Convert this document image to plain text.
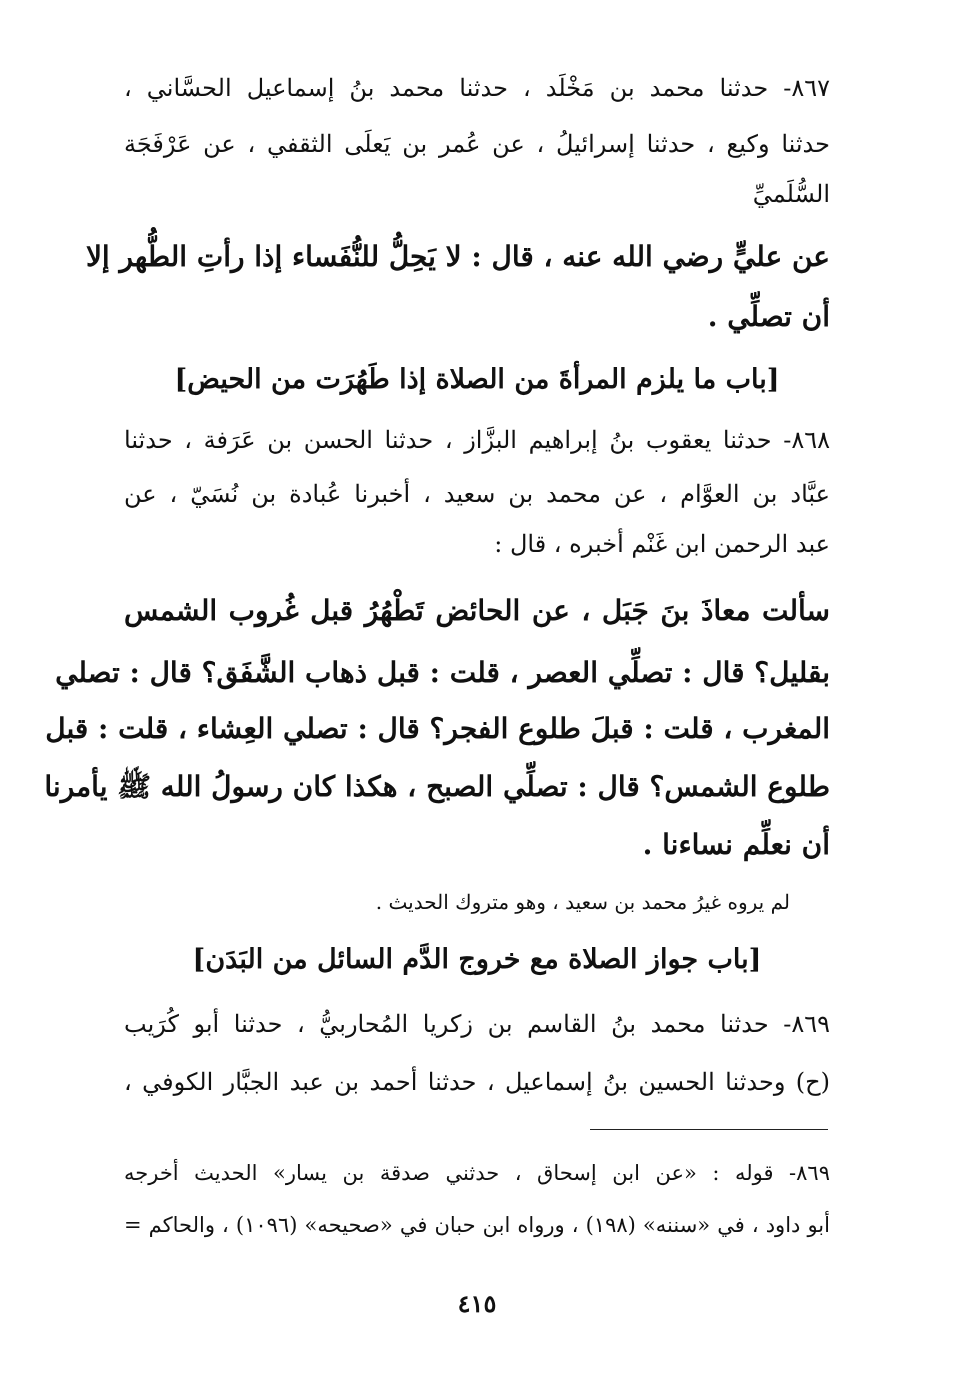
٨٦٧- حدثنا محمد بن مَخْلَد ، حدثنا محمد بنُ إسماعيل الحسَّاني ،
حدثنا وكيع ، حدثنا إسرائيلُ ، عن عُمر بن يَعلَى الثقفي ، عن عَرْفَجَة
السُّلَميِّ
عن عليٍّ رضي الله عنه ، قال : لا يَحِلُّ للنُّفَساء إذا رأتِ الطُّهر إلا
أن تصلِّي .
[باب ما يلزم المرأةَ من الصلاة إذا طَهُرَت من الحيض]
٨٦٨- حدثنا يعقوب بنُ إبراهيم البزَّاز ، حدثنا الحسن بن عَرَفة ، حدثنا
عبَّاد بن العوَّام ، عن محمد بن سعيد ، أخبرنا عُبادة بن نُسَيّ ، عن
عبد الرحمن ابن غَنْم أخبره ، قال :
سألت معاذَ بنَ جَبَل ، عن الحائض تَطْهُرُ قبل غُروب الشمس
بقليل؟ قال : تصلِّي العصر ، قلت : قبل ذهاب الشَّفَق؟ قال : تصلي
المغرب ، قلت : قبلَ طلوع الفجر؟ قال : تصلي العِشاء ، قلت : قبل
طلوع الشمس؟ قال : تصلِّي الصبح ، هكذا كان رسولُ الله ﷺ يأمرنا
أن نعلِّم نساءنا .
لم يروه غيرُ محمد بن سعيد ، وهو متروك الحديث .
[باب جواز الصلاة مع خروج الدَّم السائل من البَدَن]
٨٦٩- حدثنا محمد بنُ القاسم بن زكريا المُحاربيُّ ، حدثنا أبو كُرَيب
(ح) وحدثنا الحسين بنُ إسماعيل ، حدثنا أحمد بن عبد الجبَّار الكوفي ،
٨٦٩- قوله : «عن ابن إسحاق ، حدثني صدقة بن يسار» الحديث أخرجه
أبو داود ، في «سننه» (١٩٨) ، ورواه ابن حبان في «صحيحه» (١٠٩٦) ، والحاكم =
٤١٥
